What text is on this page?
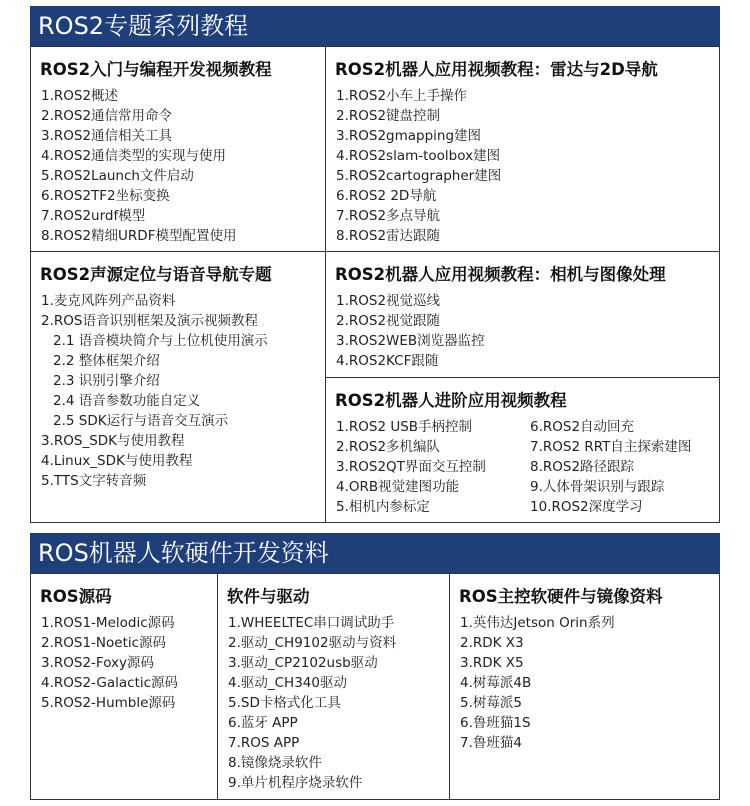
ROS2专题系列教程
ROS2入门与编程开发视频教程
1.ROS2概述
2.ROS2通信常用命令
3.ROS2通信相关工具
4.ROS2通信类型的实现与使用
5.ROS2Launch文件启动
6.ROS2TF2坐标变换
7.ROS2urdf模型
8.ROS2精细URDF模型配置使用
ROS2机器人应用视频教程：雷达与2D导航
1.ROS2小车上手操作
2.ROS2键盘控制
3.ROS2gmapping建图
4.ROS2slam-toolbox建图
5.ROS2cartographer建图
6.ROS2 2D导航
7.ROS2多点导航
8.ROS2雷达跟随
ROS2声源定位与语音导航专题
1.麦克风阵列产品资料
2.ROS语音识别框架及演示视频教程
2.1 语音模块简介与上位机使用演示
2.2 整体框架介绍
2.3 识别引擎介绍
2.4 语音参数功能自定义
2.5 SDK运行与语音交互演示
3.ROS_SDK与使用教程
4.Linux_SDK与使用教程
5.TTS文字转音频
ROS2机器人应用视频教程：相机与图像处理
1.ROS2视觉巡线
2.ROS2视觉跟随
3.ROS2WEB浏览器监控
4.ROS2KCF跟随
ROS2机器人进阶应用视频教程
1.ROS2 USB手柄控制
2.ROS2多机编队
3.ROS2QT界面交互控制
4.ORB视觉建图功能
5.相机内参标定
6.ROS2自动回充
7.ROS2 RRT自主探索建图
8.ROS2路径跟踪
9.人体骨架识别与跟踪
10.ROS2深度学习
ROS机器人软硬件开发资料
ROS源码
1.ROS1-Melodic源码
2.ROS1-Noetic源码
3.ROS2-Foxy源码
4.ROS2-Galactic源码
5.ROS2-Humble源码
软件与驱动
1.WHEELTEC串口调试助手
2.驱动_CH9102驱动与资料
3.驱动_CP2102usb驱动
4.驱动_CH340驱动
5.SD卡格式化工具
6.蓝牙 APP
7.ROS APP
8.镜像烧录软件
9.单片机程序烧录软件
ROS主控软硬件与镜像资料
1.英伟达Jetson Orin系列
2.RDK X3
3.RDK X5
4.树莓派4B
5.树莓派5
6.鲁班猫1S
7.鲁班猫4
